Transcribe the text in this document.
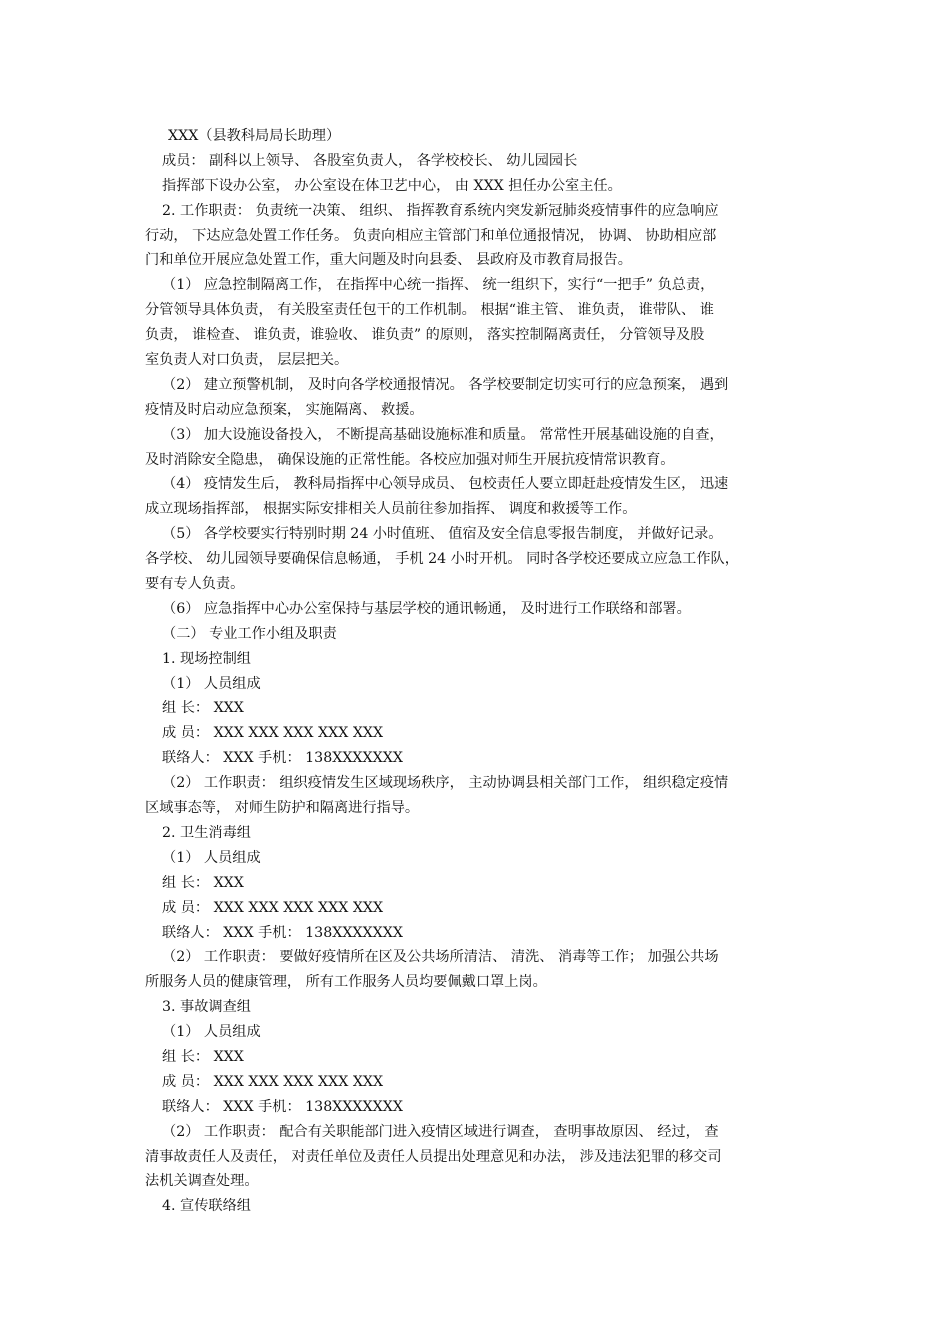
XXX（县教科局局长助理）
成员： 副科以上领导、 各股室负责人， 各学校校长、 幼儿园园长
指挥部下设办公室， 办公室设在体卫艺中心， 由 XXX 担任办公室主任。
2. 工作职责： 负责统一决策、 组织、 指挥教育系统内突发新冠肺炎疫情事件的应急响应
行动， 下达应急处置工作任务。 负责向相应主管部门和单位通报情况， 协调、 协助相应部
门和单位开展应急处置工作，重大问题及时向县委、 县政府及市教育局报告。
（1） 应急控制隔离工作， 在指挥中心统一指挥、 统一组织下，实行“一把手” 负总责，
分管领导具体负责， 有关股室责任包干的工作机制。 根据“谁主管、 谁负责， 谁带队、 谁
负责， 谁检查、 谁负责，谁验收、 谁负责” 的原则， 落实控制隔离责任， 分管领导及股
室负责人对口负责， 层层把关。
（2） 建立预警机制， 及时向各学校通报情况。 各学校要制定切实可行的应急预案， 遇到
疫情及时启动应急预案， 实施隔离、 救援。
（3） 加大设施设备投入， 不断提高基础设施标准和质量。 常常性开展基础设施的自查，
及时消除安全隐患， 确保设施的正常性能。各校应加强对师生开展抗疫情常识教育。
（4） 疫情发生后， 教科局指挥中心领导成员、 包校责任人要立即赶赴疫情发生区， 迅速
成立现场指挥部， 根据实际安排相关人员前往参加指挥、 调度和救援等工作。
（5） 各学校要实行特别时期 24 小时值班、 值宿及安全信息零报告制度， 并做好记录。
各学校、 幼儿园领导要确保信息畅通， 手机 24 小时开机。 同时各学校还要成立应急工作队，
要有专人负责。
（6） 应急指挥中心办公室保持与基层学校的通讯畅通， 及时进行工作联络和部署。
（二） 专业工作小组及职责
1. 现场控制组
（1） 人员组成
组 长： XXX
成 员： XXX XXX XXX XXX XXX
联络人： XXX 手机： 138XXXXXXX
（2） 工作职责： 组织疫情发生区域现场秩序， 主动协调县相关部门工作， 组织稳定疫情
区域事态等， 对师生防护和隔离进行指导。
2. 卫生消毒组
（1） 人员组成
组 长： XXX
成 员： XXX XXX XXX XXX XXX
联络人： XXX 手机： 138XXXXXXX
（2） 工作职责： 要做好疫情所在区及公共场所清洁、 清洗、 消毒等工作； 加强公共场
所服务人员的健康管理， 所有工作服务人员均要佩戴口罩上岗。
3. 事故调查组
（1） 人员组成
组 长： XXX
成 员： XXX XXX XXX XXX XXX
联络人： XXX 手机： 138XXXXXXX
（2） 工作职责： 配合有关职能部门进入疫情区域进行调查， 查明事故原因、 经过， 查
清事故责任人及责任， 对责任单位及责任人员提出处理意见和办法， 涉及违法犯罪的移交司
法机关调查处理。
4. 宣传联络组
